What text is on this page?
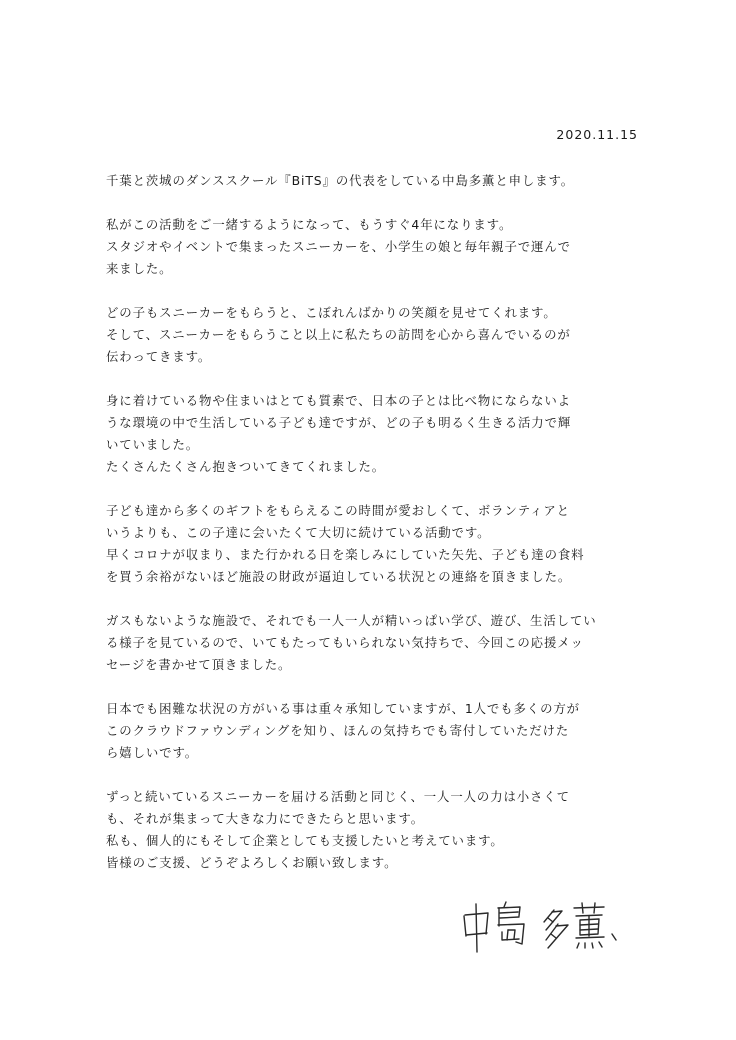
2020.11.15
千葉と茨城のダンススクール『BiTS』の代表をしている中島多薫と申します。
私がこの活動をご一緒するようになって、もうすぐ4年になります。
スタジオやイベントで集まったスニーカーを、小学生の娘と毎年親子で運んで
来ました。
どの子もスニーカーをもらうと、こぼれんばかりの笑顔を見せてくれます。
そして、スニーカーをもらうこと以上に私たちの訪問を心から喜んでいるのが
伝わってきます。
身に着けている物や住まいはとても質素で、日本の子とは比べ物にならないよ
うな環境の中で生活している子ども達ですが、どの子も明るく生きる活力で輝
いていました。
たくさんたくさん抱きついてきてくれました。
子ども達から多くのギフトをもらえるこの時間が愛おしくて、ボランティアと
いうよりも、この子達に会いたくて大切に続けている活動です。
早くコロナが収まり、また行かれる日を楽しみにしていた矢先、子ども達の食料
を買う余裕がないほど施設の財政が逼迫している状況との連絡を頂きました。
ガスもないような施設で、それでも一人一人が精いっぱい学び、遊び、生活してい
る様子を見ているので、いてもたってもいられない気持ちで、今回この応援メッ
セージを書かせて頂きました。
日本でも困難な状況の方がいる事は重々承知していますが、1人でも多くの方が
このクラウドファウンディングを知り、ほんの気持ちでも寄付していただけた
ら嬉しいです。
ずっと続いているスニーカーを届ける活動と同じく、一人一人の力は小さくて
も、それが集まって大きな力にできたらと思います。
私も、個人的にもそして企業としても支援したいと考えています。
皆様のご支援、どうぞよろしくお願い致します。
